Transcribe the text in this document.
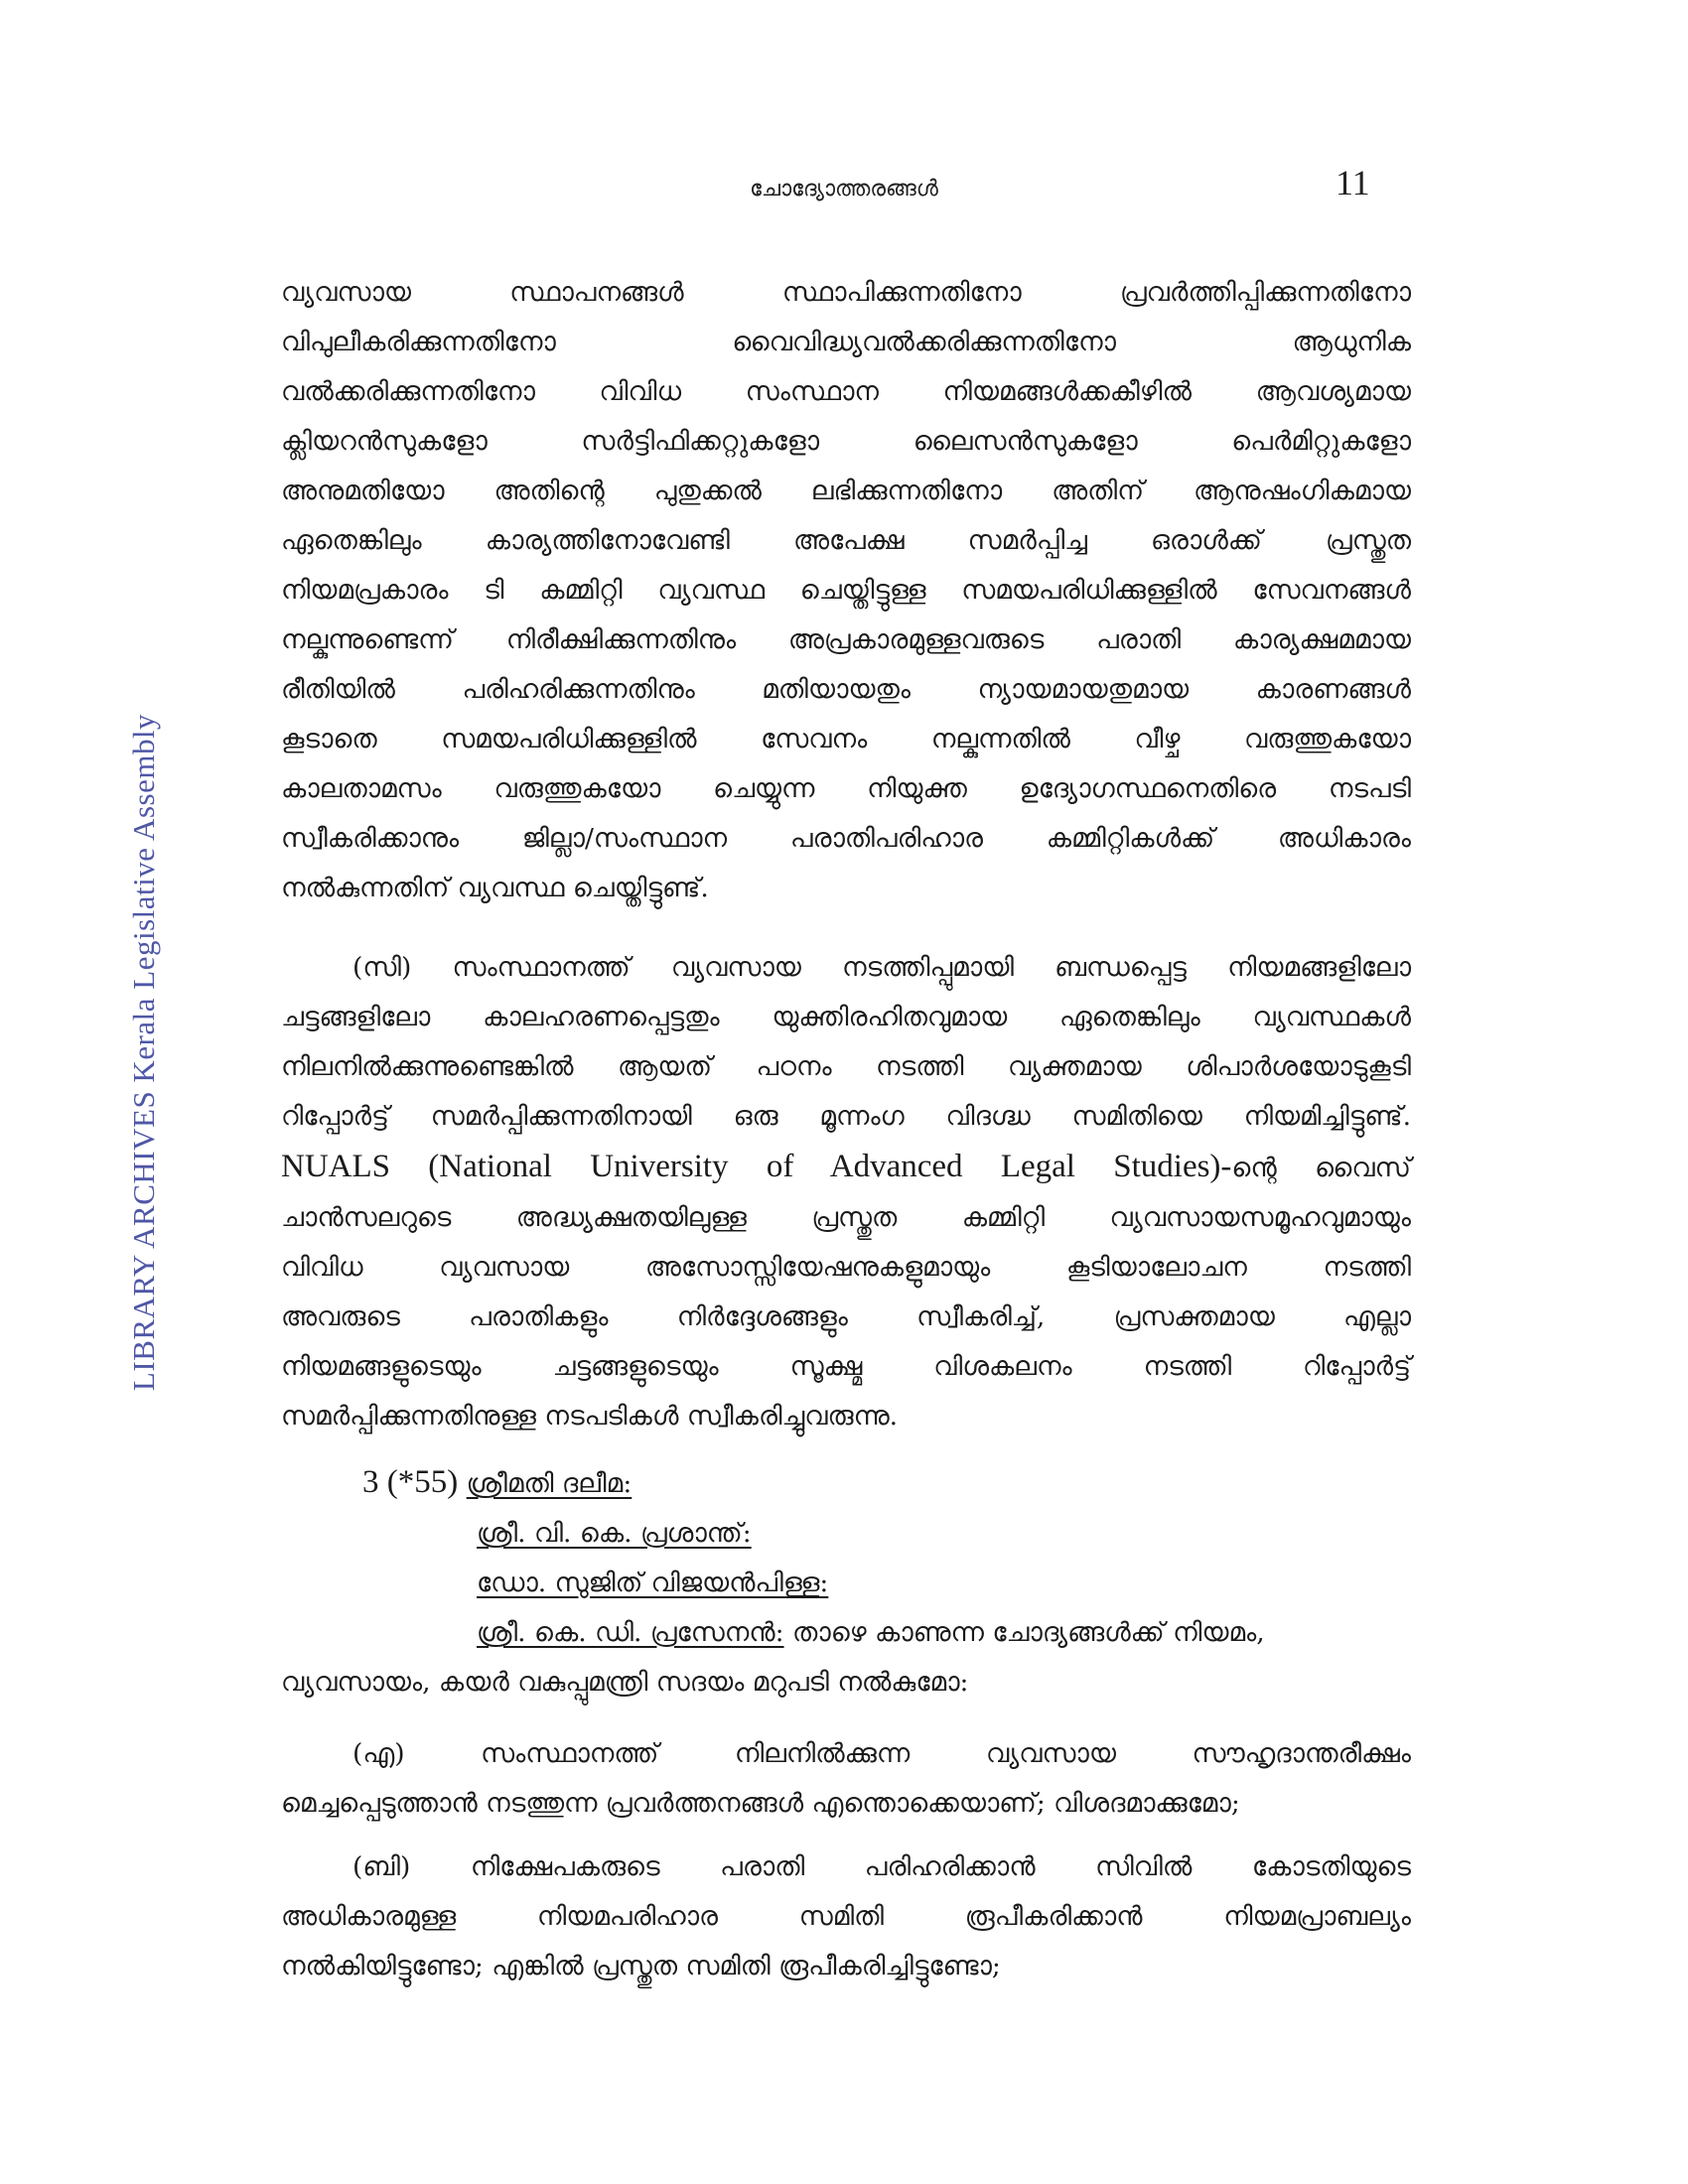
LIBRARY ARCHIVES Kerala Legislative Assembly
ചോദ്യോത്തരങ്ങൾ	11
വ്യവസായ സ്ഥാപനങ്ങൾ സ്ഥാപിക്കുന്നതിനോ പ്രവർത്തിപ്പിക്കുന്നതിനോ
വിപുലീകരിക്കുന്നതിനോ വൈവിദ്ധ്യവൽക്കരിക്കുന്നതിനോ ആധുനിക
വൽക്കരിക്കുന്നതിനോ വിവിധ സംസ്ഥാന നിയമങ്ങൾക്കകീഴിൽ ആവശ്യമായ
ക്ലിയറൻസുകളോ സർട്ടിഫിക്കറ്റുകളോ ലൈസൻസുകളോ പെർമിറ്റുകളോ
അനുമതിയോ അതിന്റെ പുതുക്കൽ ലഭിക്കുന്നതിനോ അതിന് ആനുഷംഗികമായ
ഏതെങ്കിലും കാര്യത്തിനോവേണ്ടി അപേക്ഷ സമർപ്പിച്ച ഒരാൾക്ക് പ്രസ്തുത
നിയമപ്രകാരം ടി കമ്മിറ്റി വ്യവസ്ഥ ചെയ്തിട്ടുള്ള സമയപരിധിക്കുള്ളിൽ സേവനങ്ങൾ
നല്കുന്നുണ്ടെന്ന് നിരീക്ഷിക്കുന്നതിനും അപ്രകാരമുള്ളവരുടെ പരാതി കാര്യക്ഷമമായ
രീതിയിൽ പരിഹരിക്കുന്നതിനും മതിയായതും ന്യായമായതുമായ കാരണങ്ങൾ
കൂടാതെ സമയപരിധിക്കുള്ളിൽ സേവനം നല്കുന്നതിൽ വീഴ്ച വരുത്തുകയോ
കാലതാമസം വരുത്തുകയോ ചെയ്യുന്ന നിയുക്ത ഉദ്യോഗസ്ഥനെതിരെ നടപടി
സ്വീകരിക്കാനും ജില്ലാ/സംസ്ഥാന പരാതിപരിഹാര കമ്മിറ്റികൾക്ക് അധികാരം
നൽകുന്നതിന് വ്യവസ്ഥ ചെയ്തിട്ടുണ്ട്.
(സി) സംസ്ഥാനത്ത് വ്യവസായ നടത്തിപ്പുമായി ബന്ധപ്പെട്ട നിയമങ്ങളിലോ
ചട്ടങ്ങളിലോ കാലഹരണപ്പെട്ടതും യുക്തിരഹിതവുമായ ഏതെങ്കിലും വ്യവസ്ഥകൾ
നിലനിൽക്കുന്നുണ്ടെങ്കിൽ ആയത് പഠനം നടത്തി വ്യക്തമായ ശിപാർശയോടുകൂടി
റിപ്പോർട്ട് സമർപ്പിക്കുന്നതിനായി ഒരു മൂന്നംഗ വിദഗ്ദ്ധ സമിതിയെ നിയമിച്ചിട്ടുണ്ട്.
NUALS (National University of Advanced Legal Studies)-ന്റെ വൈസ്
ചാൻസലറുടെ അദ്ധ്യക്ഷതയിലുള്ള പ്രസ്തുത കമ്മിറ്റി വ്യവസായസമൂഹവുമായും
വിവിധ വ്യവസായ അസോസ്സിയേഷനുകളുമായും കൂടിയാലോചന നടത്തി
അവരുടെ പരാതികളും നിർദ്ദേശങ്ങളും സ്വീകരിച്ച്, പ്രസക്തമായ എല്ലാ
നിയമങ്ങളുടെയും ചട്ടങ്ങളുടെയും സൂക്ഷ്മ വിശകലനം നടത്തി റിപ്പോർട്ട്
സമർപ്പിക്കുന്നതിനുള്ള നടപടികൾ സ്വീകരിച്ചുവരുന്നു.
3 (*55) ശ്രീമതി ദലീമ:
ശ്രീ. വി. കെ. പ്രശാന്ത്:
ഡോ. സുജിത് വിജയൻപിള്ള:
ശ്രീ. കെ. ഡി. പ്രസേനൻ: താഴെ കാണുന്ന ചോദ്യങ്ങൾക്ക് നിയമം,
വ്യവസായം, കയർ വകുപ്പുമന്ത്രി സദയം മറുപടി നൽകുമോ:
(എ) സംസ്ഥാനത്ത് നിലനിൽക്കുന്ന വ്യവസായ സൗഹൃദാന്തരീക്ഷം
മെച്ചപ്പെടുത്താൻ നടത്തുന്ന പ്രവർത്തനങ്ങൾ എന്തൊക്കെയാണ്; വിശദമാക്കുമോ;
(ബി) നിക്ഷേപകരുടെ പരാതി പരിഹരിക്കാൻ സിവിൽ കോടതിയുടെ
അധികാരമുള്ള നിയമപരിഹാര സമിതി രൂപീകരിക്കാൻ നിയമപ്രാബല്യം
നൽകിയിട്ടുണ്ടോ; എങ്കിൽ പ്രസ്തുത സമിതി രൂപീകരിച്ചിട്ടുണ്ടോ;
